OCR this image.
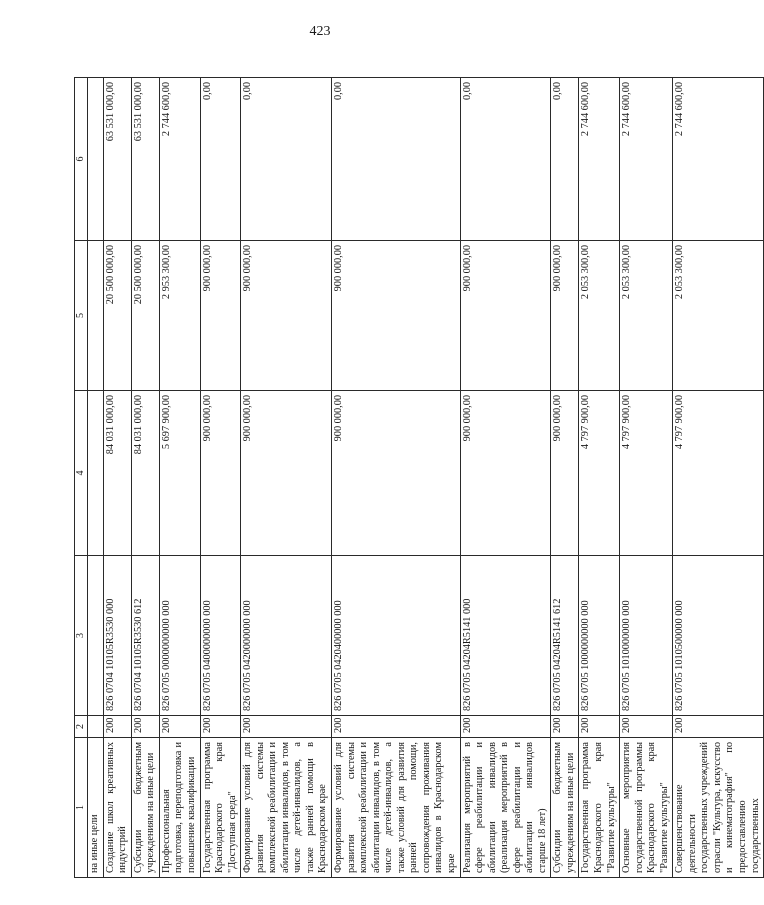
423
1	2	3	4	5	6
на иные цели					
Создание школ креативных индустрий	200	826 0704 10105R3530 000	84 031 000,00	20 500 000,00	63 531 000,00
Субсидии бюджетным учреждениям на иные цели	200	826 0704 10105R3530 612	84 031 000,00	20 500 000,00	63 531 000,00
Профессиональная подготовка, переподготовка и повышение квалификации	200	826 0705 0000000000 000	5 697 900,00	2 953 300,00	2 744 600,00
Государственная программа Краснодарского края "Доступная среда"	200	826 0705 0400000000 000	900 000,00	900 000,00	0,00
Формирование условий для развития системы комплексной реабилитации и абилитации инвалидов, в том числе детей-инвалидов, а также ранней помощи в Краснодарском крае	200	826 0705 0420000000 000	900 000,00	900 000,00	0,00
Формирование условий для развития системы комплексной реабилитации и абилитации инвалидов, в том числе детей-инвалидов, а также условий для развития ранней помощи, сопровождения проживания инвалидов в Краснодарском крае	200	826 0705 0420400000 000	900 000,00	900 000,00	0,00
Реализация мероприятий в сфере реабилитации и абилитации инвалидов (реализация мероприятий в сфере реабилитации и абилитации инвалидов старше 18 лет)	200	826 0705 04204R5141 000	900 000,00	900 000,00	0,00
Субсидии бюджетным учреждениям на иные цели	200	826 0705 04204R5141 612	900 000,00	900 000,00	0,00
Государственная программа Краснодарского края "Развитие культуры"	200	826 0705 1000000000 000	4 797 900,00	2 053 300,00	2 744 600,00
Основные мероприятия государственной программы Краснодарского края "Развитие культуры"	200	826 0705 1010000000 000	4 797 900,00	2 053 300,00	2 744 600,00
Совершенствование деятельности государственных учреждений отрасли "Культура, искусство и кинематография" по предоставлению государственных	200	826 0705 1010500000 000	4 797 900,00	2 053 300,00	2 744 600,00
